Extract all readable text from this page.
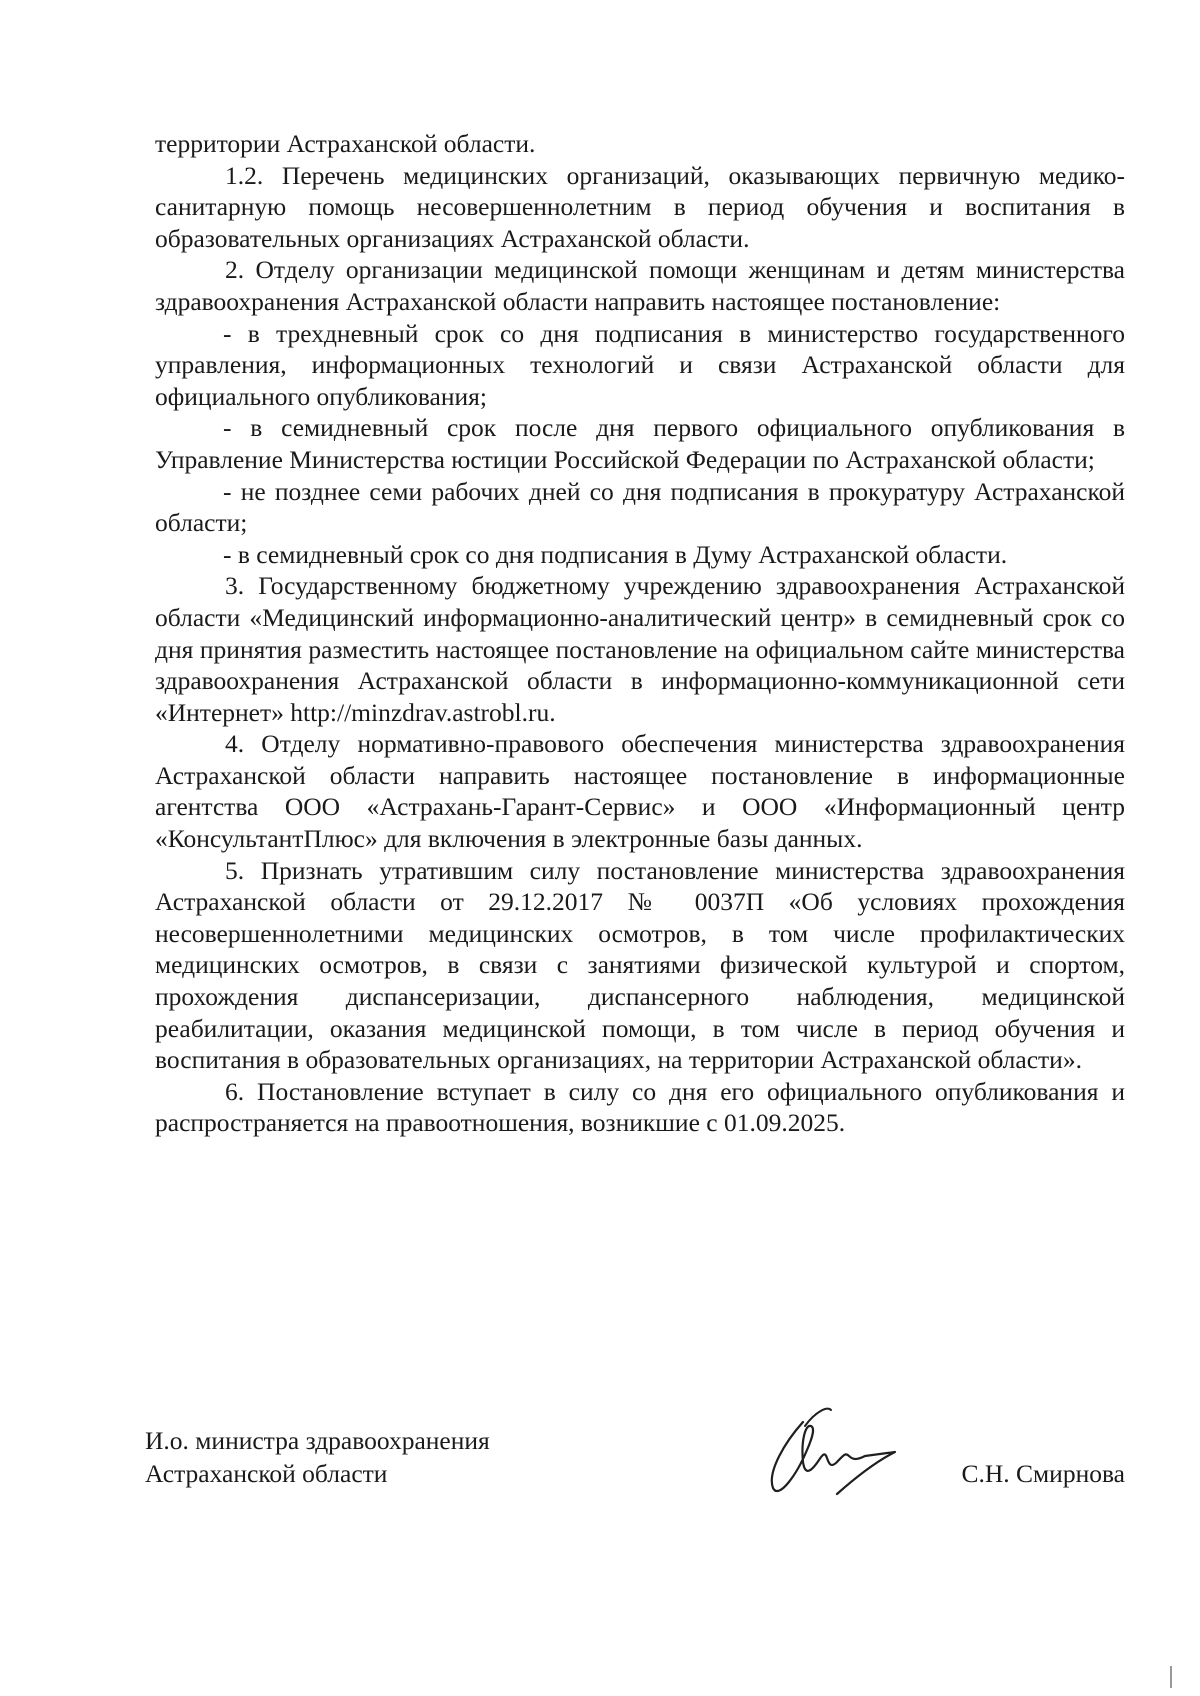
территории Астраханской области.

1.2. Перечень медицинских организаций, оказывающих первичную медико-санитарную помощь несовершеннолетним в период обучения и воспитания в образовательных организациях Астраханской области.

2. Отделу организации медицинской помощи женщинам и детям министерства здравоохранения Астраханской области направить настоящее постановление:

- в трехдневный срок со дня подписания в министерство государственного управления, информационных технологий и связи Астраханской области для официального опубликования;

- в семидневный срок после дня первого официального опубликования в Управление Министерства юстиции Российской Федерации по Астраханской области;

- не позднее семи рабочих дней со дня подписания в прокуратуру Астраханской области;

- в семидневный срок со дня подписания в Думу Астраханской области.

3. Государственному бюджетному учреждению здравоохранения Астраханской области «Медицинский информационно-аналитический центр» в семидневный срок со дня принятия разместить настоящее постановление на официальном сайте министерства здравоохранения Астраханской области в информационно-коммуникационной сети «Интернет» http://minzdrav.astrobl.ru.

4. Отделу нормативно-правового обеспечения министерства здравоохранения Астраханской области направить настоящее постановление в информационные агентства ООО «Астрахань-Гарант-Сервис» и ООО «Информационный центр «КонсультантПлюс» для включения в электронные базы данных.

5. Признать утратившим силу постановление министерства здравоохранения Астраханской области от 29.12.2017 № 0037П «Об условиях прохождения несовершеннолетними медицинских осмотров, в том числе профилактических медицинских осмотров, в связи с занятиями физической культурой и спортом, прохождения диспансеризации, диспансерного наблюдения, медицинской реабилитации, оказания медицинской помощи, в том числе в период обучения и воспитания в образовательных организациях, на территории Астраханской области».

6. Постановление вступает в силу со дня его официального опубликования и распространяется на правоотношения, возникшие с 01.09.2025.

И.о. министра здравоохранения
Астраханской области	С.Н. Смирнова
